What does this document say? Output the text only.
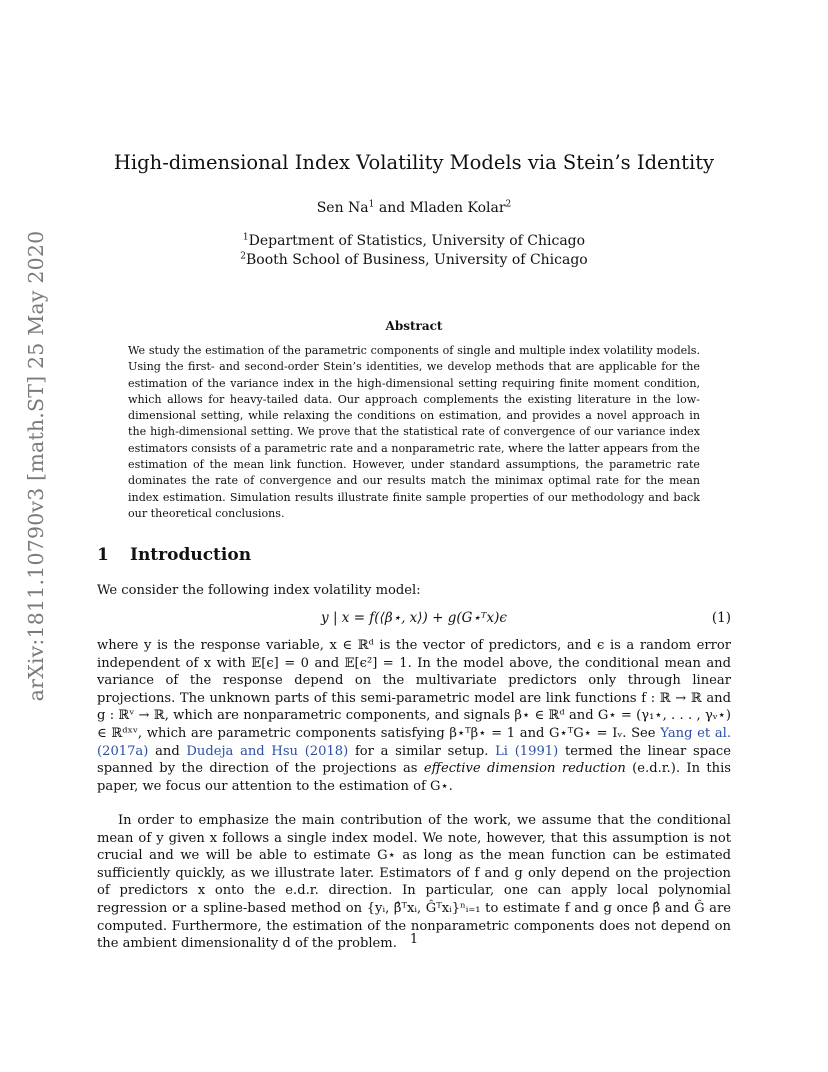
arXiv:1811.10790v3 [math.ST] 25 May 2020
High-dimensional Index Volatility Models via Stein’s Identity
Sen Na$^1$ and Mladen Kolar$^2$
$^1$Department of Statistics, University of Chicago
$^2$Booth School of Business, University of Chicago
Abstract
We study the estimation of the parametric components of single and multiple index volatility models. Using the first- and second-order Stein’s identities, we develop methods that are applicable for the estimation of the variance index in the high-dimensional setting requiring finite moment condition, which allows for heavy-tailed data. Our approach complements the existing literature in the low-dimensional setting, while relaxing the conditions on estimation, and provides a novel approach in the high-dimensional setting. We prove that the statistical rate of convergence of our variance index estimators consists of a parametric rate and a nonparametric rate, where the latter appears from the estimation of the mean link function. However, under standard assumptions, the parametric rate dominates the rate of convergence and our results match the minimax optimal rate for the mean index estimation. Simulation results illustrate finite sample properties of our methodology and back our theoretical conclusions.
1 Introduction
We consider the following index volatility model:
y | x = f(⟨β⋆, x⟩) + g(G⋆ᵀx)ϵ	(1)
where y is the response variable, x ∈ ℝᵈ is the vector of predictors, and ϵ is a random error independent of x with 𝔼[ϵ] = 0 and 𝔼[ϵ²] = 1. In the model above, the conditional mean and variance of the response depend on the multivariate predictors only through linear projections. The unknown parts of this semi-parametric model are link functions f : ℝ → ℝ and g : ℝᵛ → ℝ, which are nonparametric components, and signals β⋆ ∈ ℝᵈ and G⋆ = (γ₁⋆, . . . , γᵥ⋆) ∈ ℝᵈˣᵛ, which are parametric components satisfying β⋆ᵀβ⋆ = 1 and G⋆ᵀG⋆ = Iᵥ. See Yang et al. (2017a) and Dudeja and Hsu (2018) for a similar setup. Li (1991) termed the linear space spanned by the direction of the projections as effective dimension reduction (e.d.r.). In this paper, we focus our attention to the estimation of G⋆.
In order to emphasize the main contribution of the work, we assume that the conditional mean of y given x follows a single index model. We note, however, that this assumption is not crucial and we will be able to estimate G⋆ as long as the mean function can be estimated sufficiently quickly, as we illustrate later. Estimators of f and g only depend on the projection of predictors x onto the e.d.r. direction. In particular, one can apply local polynomial regression or a spline-based method on {yᵢ, β̂ᵀxᵢ, Ĝᵀxᵢ}ⁿᵢ₌₁ to estimate f and g once β̂ and Ĝ are computed. Furthermore, the estimation of the nonparametric components does not depend on the ambient dimensionality d of the problem.	1
